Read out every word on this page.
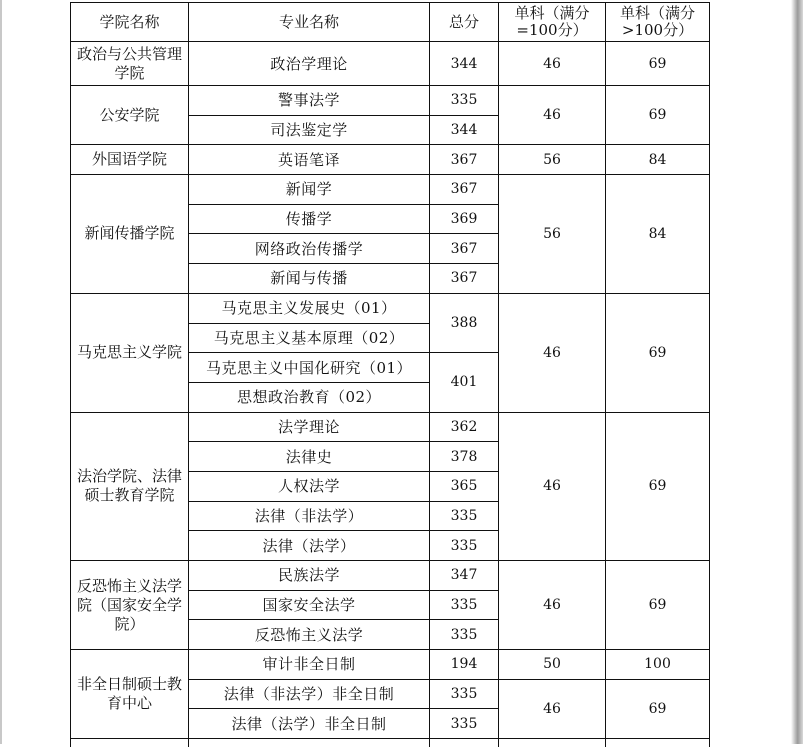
学院名称	专业名称	总分	单科（满分=100分）	单科（满分>100分）
政治与公共管理学院	政治学理论	344	46	69
公安学院	警事法学	335	46	69
	司法鉴定学	344		
外国语学院	英语笔译	367	56	84
新闻传播学院	新闻学	367	56	84
	传播学	369		
	网络政治传播学	367		
	新闻与传播	367		
马克思主义学院	马克思主义发展史（01）	388	46	69
	马克思主义基本原理（02）			
	马克思主义中国化研究（01）	401		
	思想政治教育（02）			
法治学院、法律硕士教育学院	法学理论	362	46	69
	法律史	378		
	人权法学	365		
	法律（非法学）	335		
	法律（法学）	335		
反恐怖主义法学院（国家安全学院）	民族法学	347	46	69
	国家安全法学	335		
	反恐怖主义法学	335		
非全日制硕士教育中心	审计非全日制	194	50	100
	法律（非法学）非全日制	335	46	69
	法律（法学）非全日制	335		
